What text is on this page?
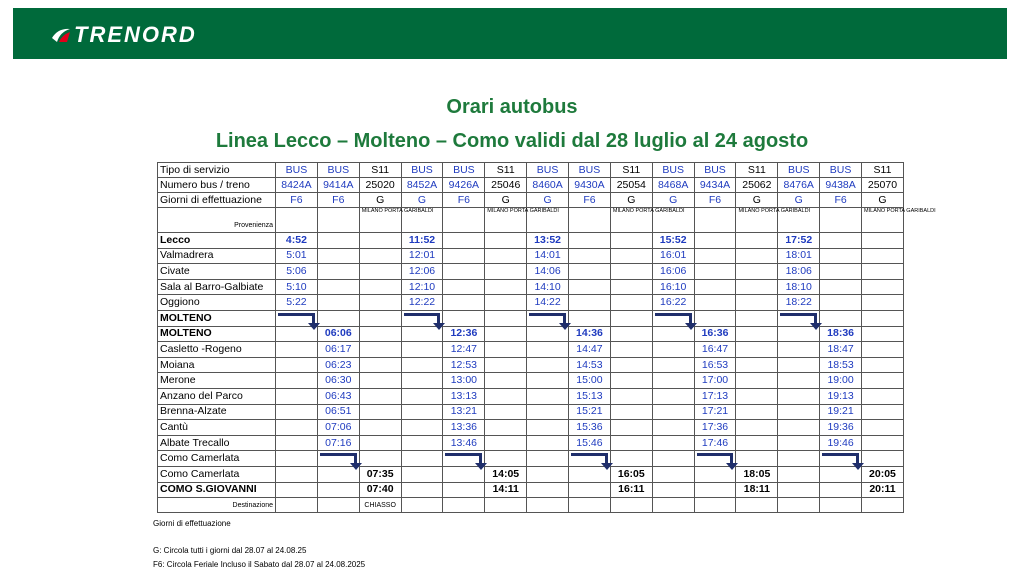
TRENORD
Orari autobus
Linea Lecco – Molteno – Como validi dal 28 luglio al 24 agosto
Tipo di servizio	BUS	BUS	S11	BUS	BUS	S11	BUS	BUS	S11	BUS	BUS	S11	BUS	BUS	S11
Numero bus / treno	8424A	9414A	25020	8452A	9426A	25046	8460A	9430A	25054	8468A	9434A	25062	8476A	9438A	25070
Giorni di effettuazione	F6	F6	G	G	F6	G	G	F6	G	G	F6	G	G	F6	G
Provenienza			MILANO PORTA GARIBALDI			MILANO PORTA GARIBALDI			MILANO PORTA GARIBALDI			MILANO PORTA GARIBALDI			MILANO PORTA GARIBALDI
Lecco	4:52			11:52			13:52			15:52			17:52		
Valmadrera	5:01			12:01			14:01			16:01			18:01		
Civate	5:06			12:06			14:06			16:06			18:06		
Sala al Barro-Galbiate	5:10			12:10			14:10			16:10			18:10		
Oggiono	5:22			12:22			14:22			16:22			18:22		
MOLTENO	

MOLTENO		06:06			12:36			14:36			16:36			18:36	
Casletto -Rogeno		06:17			12:47			14:47			16:47			18:47	
Moiana		06:23			12:53			14:53			16:53			18:53	
Merone		06:30			13:00			15:00			17:00			19:00	
Anzano del Parco		06:43			13:13			15:13			17:13			19:13	
Brenna-Alzate		06:51			13:21			15:21			17:21			19:21	
Cantù		07:06			13:36			15:36			17:36			19:36	
Albate Trecallo		07:16			13:46			15:46			17:46			19:46	
Como Camerlata		

Como Camerlata			07:35			14:05			16:05			18:05			20:05
COMO S.GIOVANNI			07:40			14:11			16:11			18:11			20:11
Destinazione			CHIASSO												
Giorni di effettuazione
G: Circola tutti i giorni dal 28.07 al 24.08.25
F6: Circola Feriale Incluso il Sabato dal 28.07 al 24.08.2025
